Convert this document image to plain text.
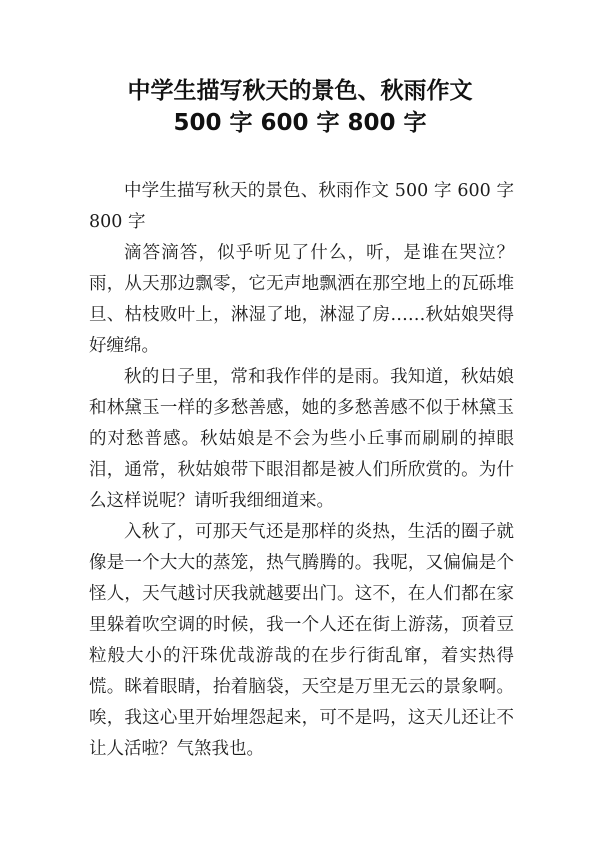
中学生描写秋天的景色、秋雨作文
500 字 600 字 800 字

中学生描写秋天的景色、秋雨作文 500 字 600 字 800 字

滴答滴答，似乎听见了什么，听，是谁在哭泣？雨，从天那边飘零，它无声地飘洒在那空地上的瓦砾堆旦、枯枝败叶上，淋湿了地，淋湿了房……秋姑娘哭得好缠绵。

秋的日子里，常和我作伴的是雨。我知道，秋姑娘和林黛玉一样的多愁善感，她的多愁善感不似于林黛玉的对愁普感。秋姑娘是不会为些小丘事而刷刷的掉眼泪，通常，秋姑娘带下眼泪都是被人们所欣赏的。为什么这样说呢？请听我细细道来。

入秋了，可那天气还是那样的炎热，生活的圈子就像是一个大大的蒸笼，热气腾腾的。我呢，又偏偏是个怪人，天气越讨厌我就越要出门。这不，在人们都在家里躲着吹空调的时候，我一个人还在街上游荡，顶着豆粒般大小的汗珠优哉游哉的在步行街乱窜，着实热得慌。眯着眼睛，抬着脑袋，天空是万里无云的景象啊。唉，我这心里开始埋怨起来，可不是吗，这天儿还让不让人活啦？气煞我也。
